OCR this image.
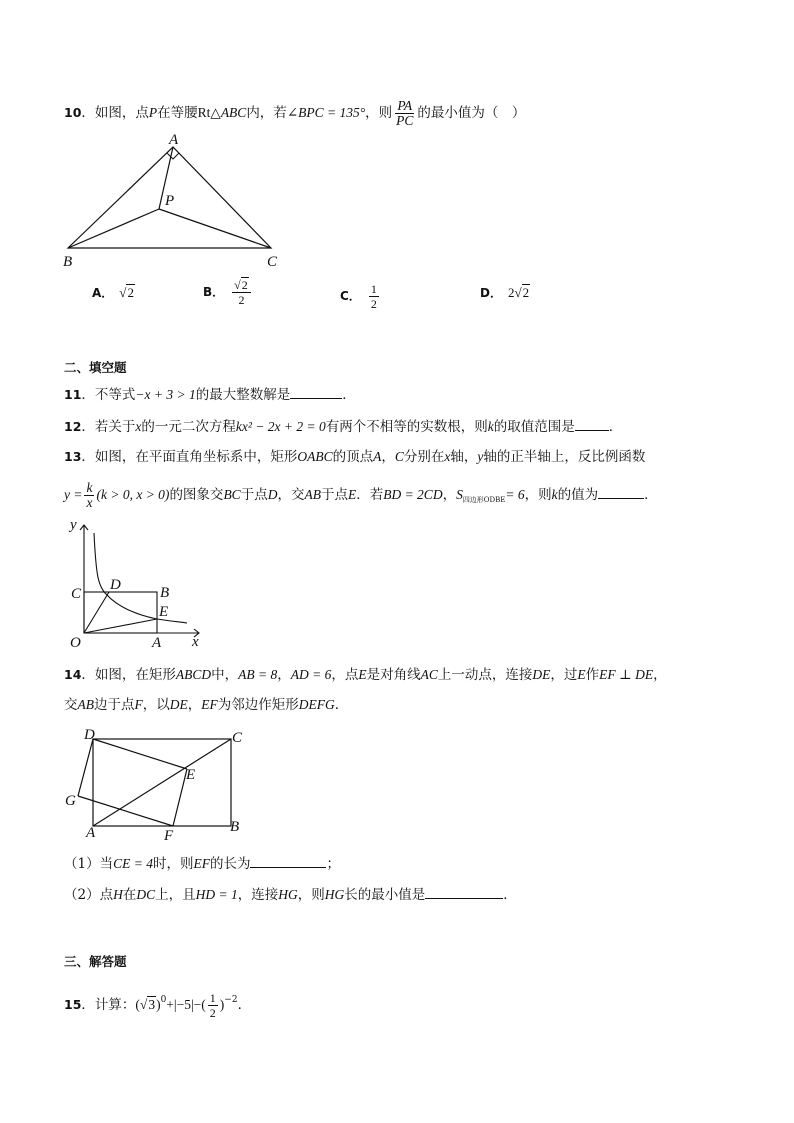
10．如图，点P在等腰Rt△ABC内，若∠BPC = 135°，则 $\frac{PA}{PC}$ 的最小值为（　）
A
P
B	C
A． √2	B． $\frac{√2}{2}$	C． $\frac{1}{2}$	D． 2√2
二、填空题
11．不等式−x + 3 > 1的最大整数解是	．
12．若关于x的一元二次方程kx² − 2x + 2 = 0有两个不相等的实数根，则k的取值范围是	．
13．如图，在平面直角坐标系中，矩形OABC的顶点A，C分别在x轴，y轴的正半轴上，反比例函数
$y = \frac{k}{x} (k > 0$, x > 0)的图象交BC于点D，交AB于点E．若BD = 2CD，$S_{四边形ODBE}= 6$，则k的值为	．
y
x
O	A
B
C
D
E
14．如图，在矩形ABCD中，AB = 8，AD = 6，点E是对角线AC上一动点，连接DE，过E作EF ⊥ DE，
交AB边于点F，以DE，EF为邻边作矩形DEFG．
D	C
E
G
A	F
B
（1）当CE = 4时，则EF的长为	；
（2）点H在DC上，且HD = 1，连接HG，则HG长的最小值是	．
三、解答题
15．计算：$(√3)^0+|-5|-( \frac{1}{2} )^{-2}$．
